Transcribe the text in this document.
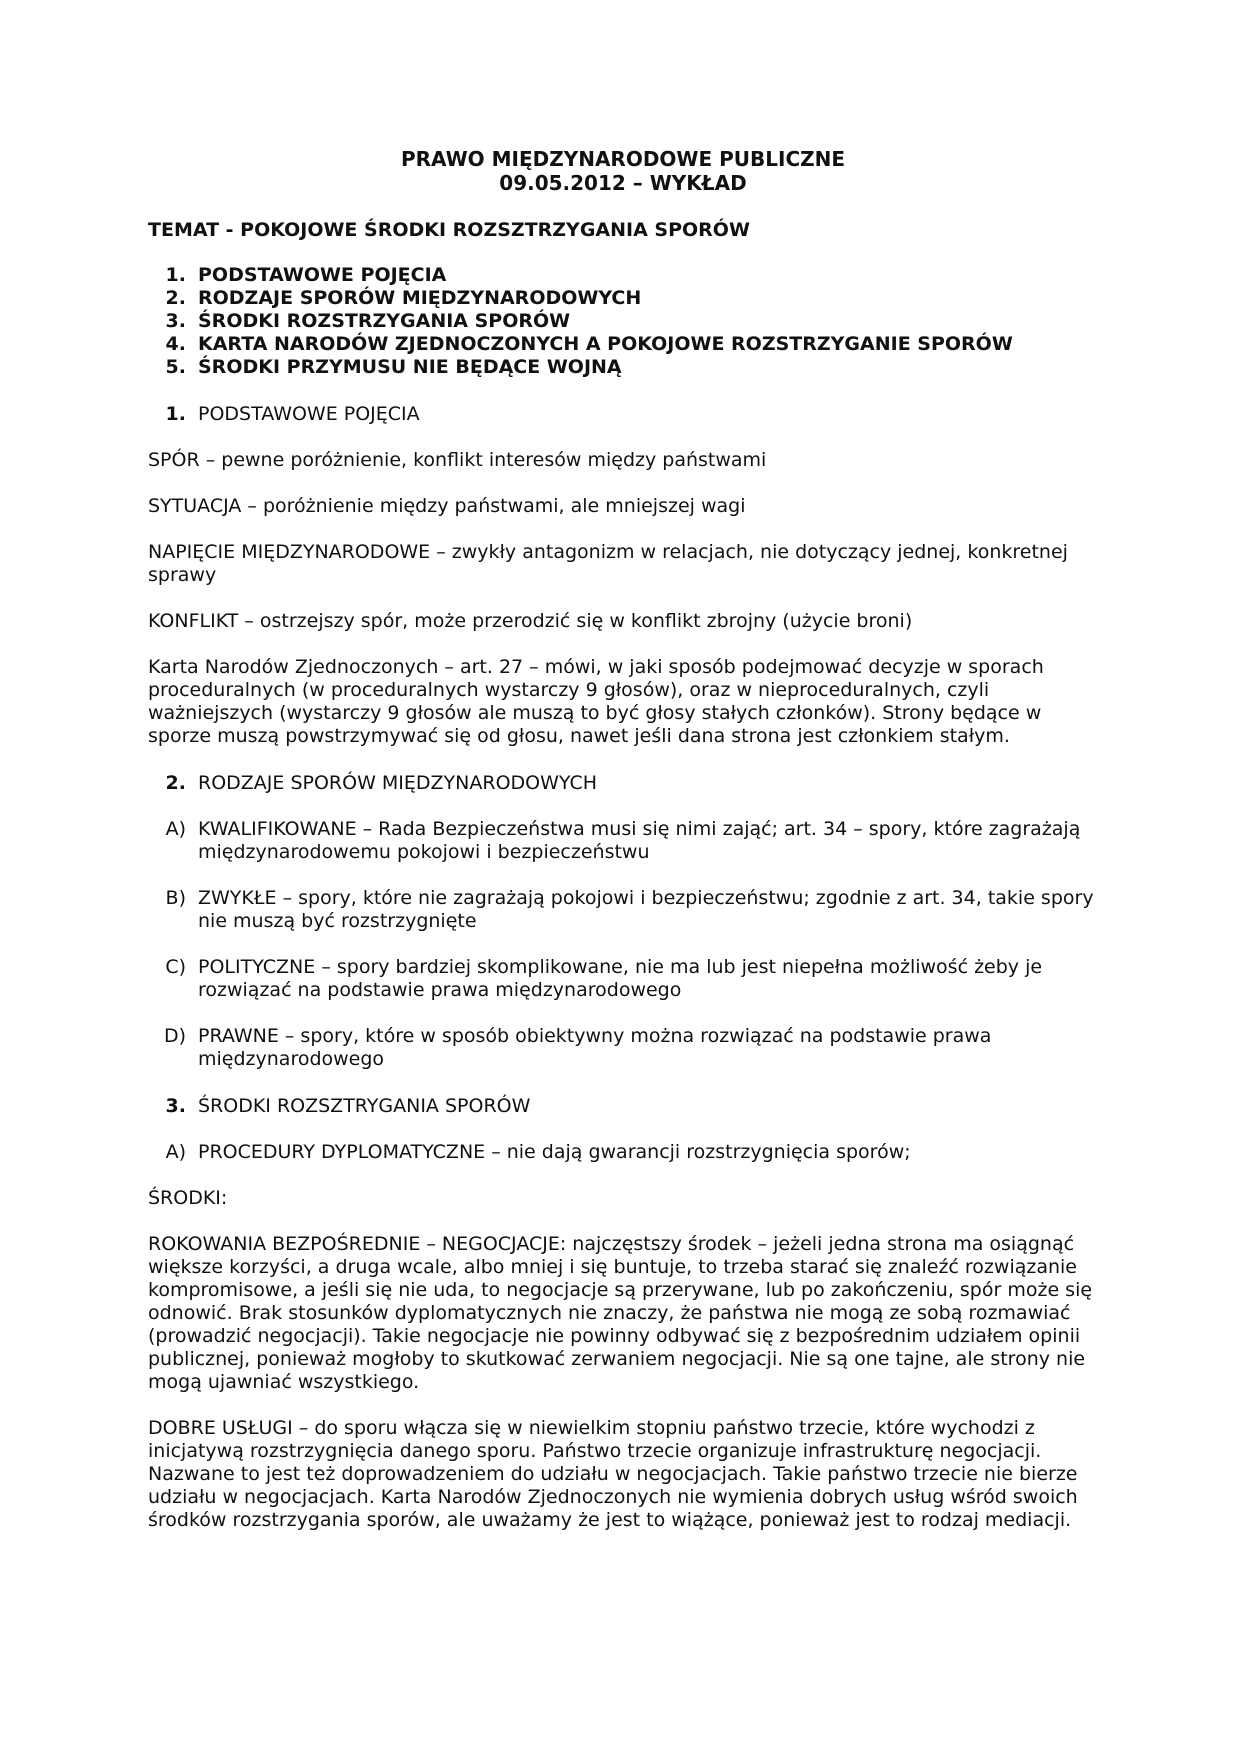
PRAWO MIĘDZYNARODOWE PUBLICZNE

09.05.2012 – WYKŁAD

TEMAT - POKOJOWE ŚRODKI ROZSZTRZYGANIA SPORÓW

1. PODSTAWOWE POJĘCIA
2. RODZAJE SPORÓW MIĘDZYNARODOWYCH
3. ŚRODKI ROZSTRZYGANIA SPORÓW
4. KARTA NARODÓW ZJEDNOCZONYCH A POKOJOWE ROZSTRZYGANIE SPORÓW
5. ŚRODKI PRZYMUSU NIE BĘDĄCE WOJNĄ
1. PODSTAWOWE POJĘCIA

SPÓR – pewne poróżnienie, konflikt interesów między państwami

SYTUACJA – poróżnienie między państwami, ale mniejszej wagi

NAPIĘCIE MIĘDZYNARODOWE – zwykły antagonizm w relacjach, nie dotyczący jednej, konkretnej sprawy

KONFLIKT – ostrzejszy spór, może przerodzić się w konflikt zbrojny (użycie broni)

Karta Narodów Zjednoczonych – art. 27 – mówi, w jaki sposób podejmować decyzje w sporach proceduralnych (w proceduralnych wystarczy 9 głosów), oraz w nieproceduralnych, czyli ważniejszych (wystarczy 9 głosów ale muszą to być głosy stałych członków). Strony będące w sporze muszą powstrzymywać się od głosu, nawet jeśli dana strona jest członkiem stałym.

2. RODZAJE SPORÓW MIĘDZYNARODOWYCH
A) KWALIFIKOWANE – Rada Bezpieczeństwa musi się nimi zająć; art. 34 – spory, które zagrażają międzynarodowemu pokojowi i bezpieczeństwu
B) ZWYKŁE – spory, które nie zagrażają pokojowi i bezpieczeństwu; zgodnie z art. 34, takie spory nie muszą być rozstrzygnięte
C) POLITYCZNE – spory bardziej skomplikowane, nie ma lub jest niepełna możliwość żeby je rozwiązać na podstawie prawa międzynarodowego
D) PRAWNE – spory, które w sposób obiektywny można rozwiązać na podstawie prawa międzynarodowego
3. ŚRODKI ROZSZTRYGANIA SPORÓW
A) PROCEDURY DYPLOMATYCZNE – nie dają gwarancji rozstrzygnięcia sporów;

ŚRODKI:

ROKOWANIA BEZPOŚREDNIE – NEGOCJACJE: najczęstszy środek – jeżeli jedna strona ma osiągnąć większe korzyści, a druga wcale, albo mniej i się buntuje, to trzeba starać się znaleźć rozwiązanie kompromisowe, a jeśli się nie uda, to negocjacje są przerywane, lub po zakończeniu, spór może się odnowić. Brak stosunków dyplomatycznych nie znaczy, że państwa nie mogą ze sobą rozmawiać (prowadzić negocjacji). Takie negocjacje nie powinny odbywać się z bezpośrednim udziałem opinii publicznej, ponieważ mogłoby to skutkować zerwaniem negocjacji. Nie są one tajne, ale strony nie mogą ujawniać wszystkiego.

DOBRE USŁUGI – do sporu włącza się w niewielkim stopniu państwo trzecie, które wychodzi z inicjatywą rozstrzygnięcia danego sporu. Państwo trzecie organizuje infrastrukturę negocjacji. Nazwane to jest też doprowadzeniem do udziału w negocjacjach. Takie państwo trzecie nie bierze udziału w negocjacjach. Karta Narodów Zjednoczonych nie wymienia dobrych usług wśród swoich środków rozstrzygania sporów, ale uważamy że jest to wiążące, ponieważ jest to rodzaj mediacji.
